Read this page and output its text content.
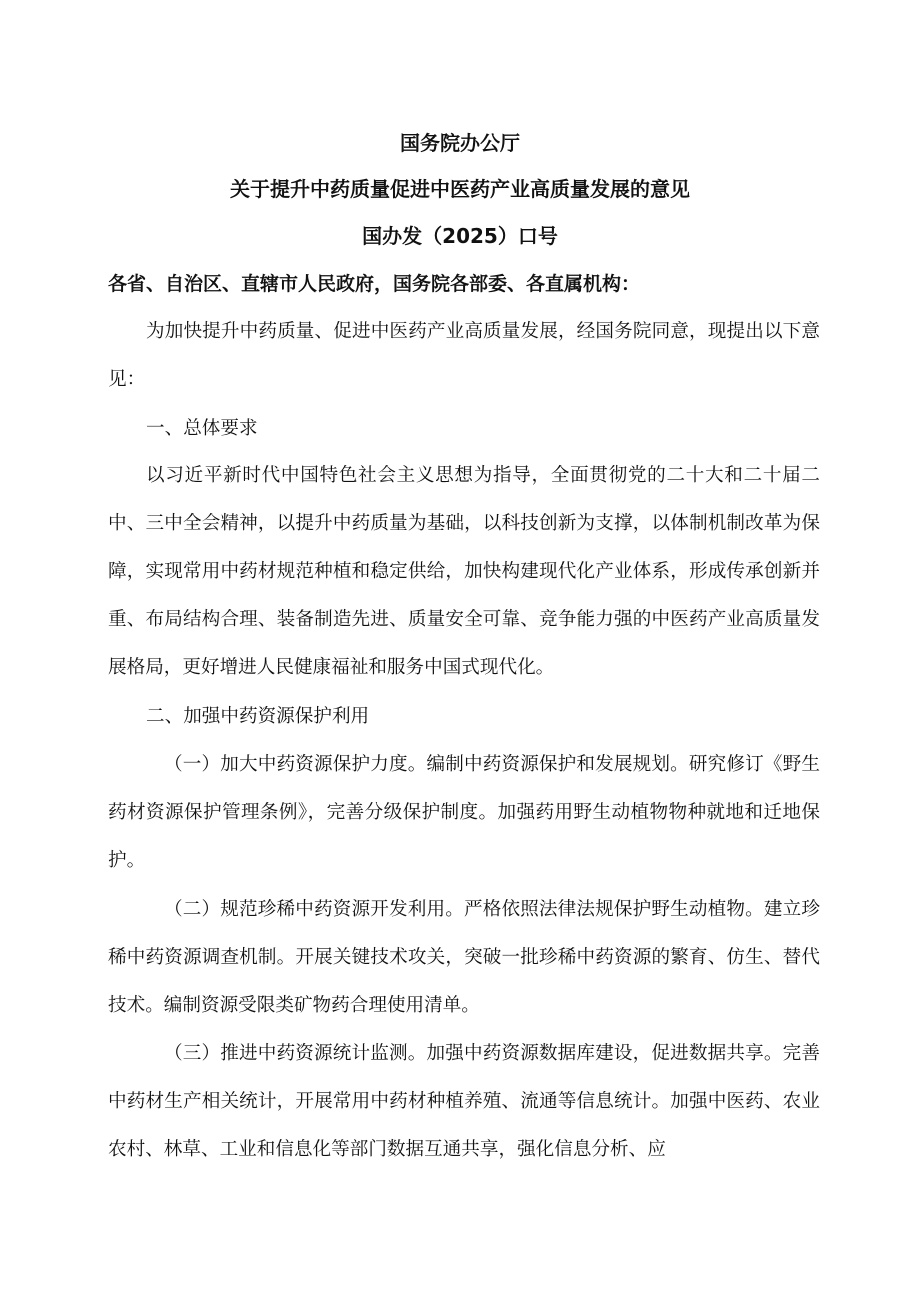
国务院办公厅
关于提升中药质量促进中医药产业高质量发展的意见
国办发（2025）口号
各省、自治区、直辖市人民政府，国务院各部委、各直属机构：
为加快提升中药质量、促进中医药产业高质量发展，经国务院同意，现提出以下意见：
一、总体要求
以习近平新时代中国特色社会主义思想为指导，全面贯彻党的二十大和二十届二中、三中全会精神，以提升中药质量为基础，以科技创新为支撑，以体制机制改革为保障，实现常用中药材规范种植和稳定供给，加快构建现代化产业体系，形成传承创新并重、布局结构合理、装备制造先进、质量安全可靠、竞争能力强的中医药产业高质量发展格局，更好增进人民健康福祉和服务中国式现代化。
二、加强中药资源保护利用
（一）加大中药资源保护力度。编制中药资源保护和发展规划。研究修订《野生药材资源保护管理条例》，完善分级保护制度。加强药用野生动植物物种就地和迁地保护。
（二）规范珍稀中药资源开发利用。严格依照法律法规保护野生动植物。建立珍稀中药资源调查机制。开展关键技术攻关，突破一批珍稀中药资源的繁育、仿生、替代技术。编制资源受限类矿物药合理使用清单。
（三）推进中药资源统计监测。加强中药资源数据库建设，促进数据共享。完善中药材生产相关统计，开展常用中药材种植养殖、流通等信息统计。加强中医药、农业农村、林草、工业和信息化等部门数据互通共享，强化信息分析、应
